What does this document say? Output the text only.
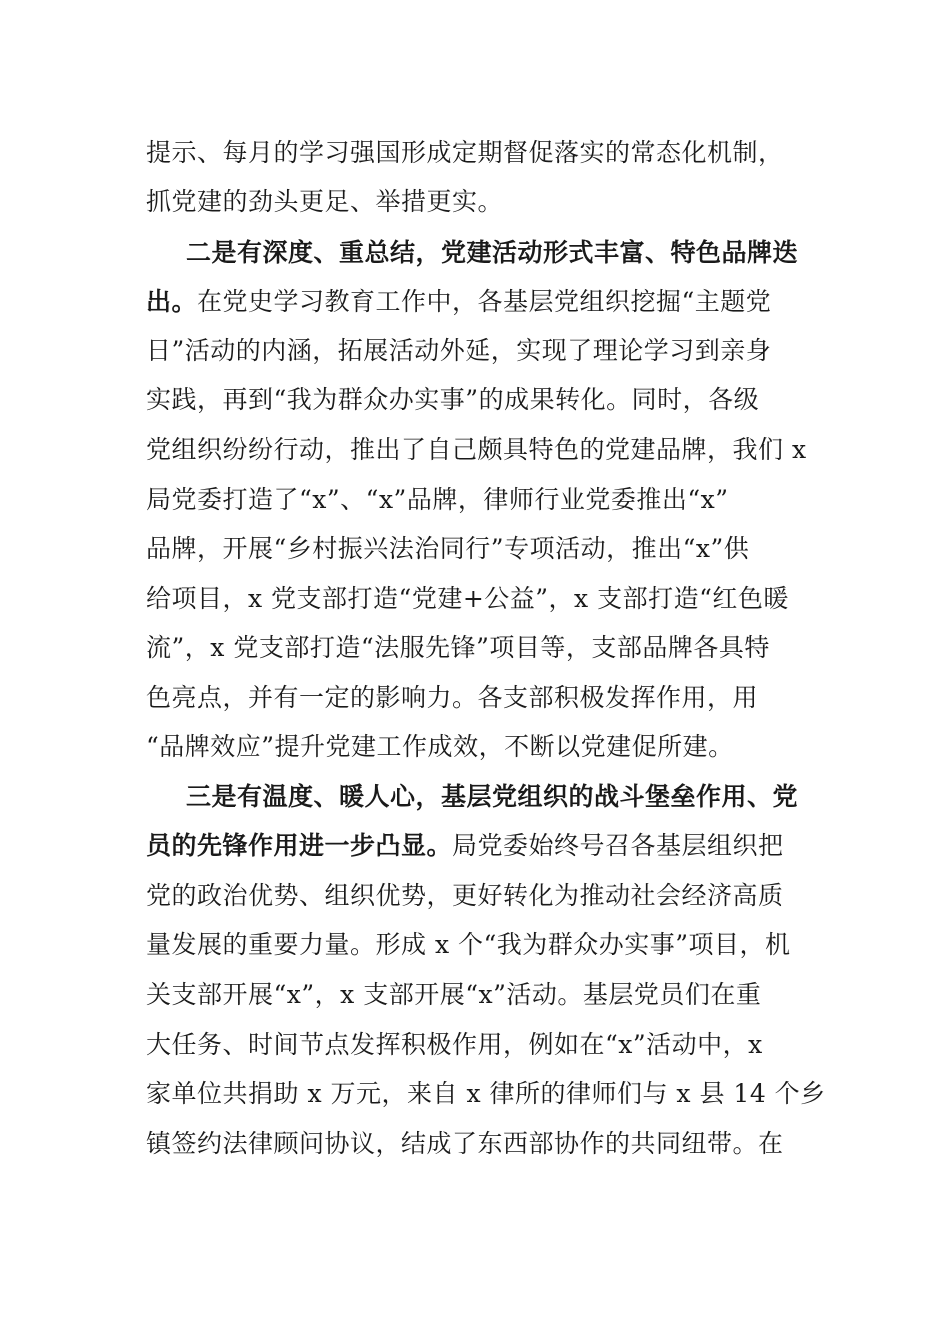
提示、每月的学习强国形成定期督促落实的常态化机制，
抓党建的劲头更足、举措更实。
二是有深度、重总结，党建活动形式丰富、特色品牌迭
出。在党史学习教育工作中，各基层党组织挖掘“主题党
日”活动的内涵，拓展活动外延，实现了理论学习到亲身
实践，再到“我为群众办实事”的成果转化。同时，各级
党组织纷纷行动，推出了自己颇具特色的党建品牌，我们 x
局党委打造了“x”、“x”品牌，律师行业党委推出“x”
品牌，开展“乡村振兴法治同行”专项活动，推出“x”供
给项目，x 党支部打造“党建+公益”，x 支部打造“红色暖
流”，x 党支部打造“法服先锋”项目等，支部品牌各具特
色亮点，并有一定的影响力。各支部积极发挥作用，用
“品牌效应”提升党建工作成效，不断以党建促所建。
三是有温度、暖人心，基层党组织的战斗堡垒作用、党
员的先锋作用进一步凸显。局党委始终号召各基层组织把
党的政治优势、组织优势，更好转化为推动社会经济高质
量发展的重要力量。形成 x 个“我为群众办实事”项目，机
关支部开展“x”，x 支部开展“x”活动。基层党员们在重
大任务、时间节点发挥积极作用，例如在“x”活动中，x
家单位共捐助 x 万元，来自 x 律所的律师们与 x 县 14 个乡
镇签约法律顾问协议，结成了东西部协作的共同纽带。在
